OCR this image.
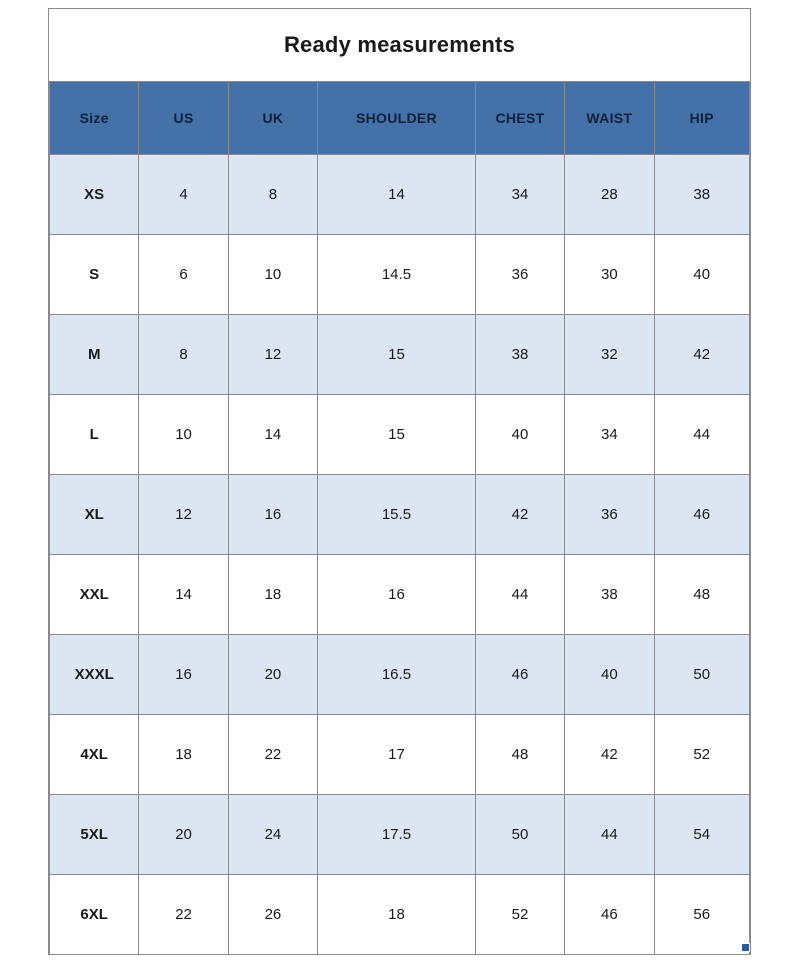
Ready measurements						
Size	US	UK	SHOULDER	CHEST	WAIST	HIP
XS	4	8	14	34	28	38
S	6	10	14.5	36	30	40
M	8	12	15	38	32	42
L	10	14	15	40	34	44
XL	12	16	15.5	42	36	46
XXL	14	18	16	44	38	48
XXXL	16	20	16.5	46	40	50
4XL	18	22	17	48	42	52
5XL	20	24	17.5	50	44	54
6XL	22	26	18	52	46	56
